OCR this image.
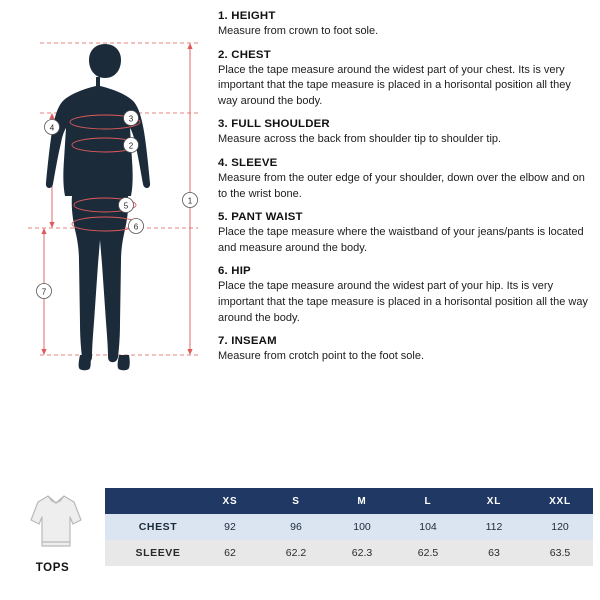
1
2
3
4
5
6
7

1. HEIGHT

Measure from crown to foot sole.

2. CHEST

Place the tape measure around the widest part of your chest. Its is very important that the tape measure is placed in a horisontal position all they way around the body.

3. FULL SHOULDER

Measure across the back from shoulder tip to shoulder tip.

4. SLEEVE

Measure from the outer edge of your shoulder, down over the elbow and on to the wrist bone.

5. PANT WAIST

Place the tape measure where the waistband of your jeans/pants is located and measure around the body.

6. HIP

Place the tape measure around the widest part of your hip. Its is very important that the tape measure is placed in a horisontal position all the way around the body.

7. INSEAM

Measure from crotch point to the foot sole.

TOPS
	XS	S	M	L	XL	XXL
CHEST	92	96	100	104	112	120
SLEEVE	62	62.2	62.3	62.5	63	63.5
